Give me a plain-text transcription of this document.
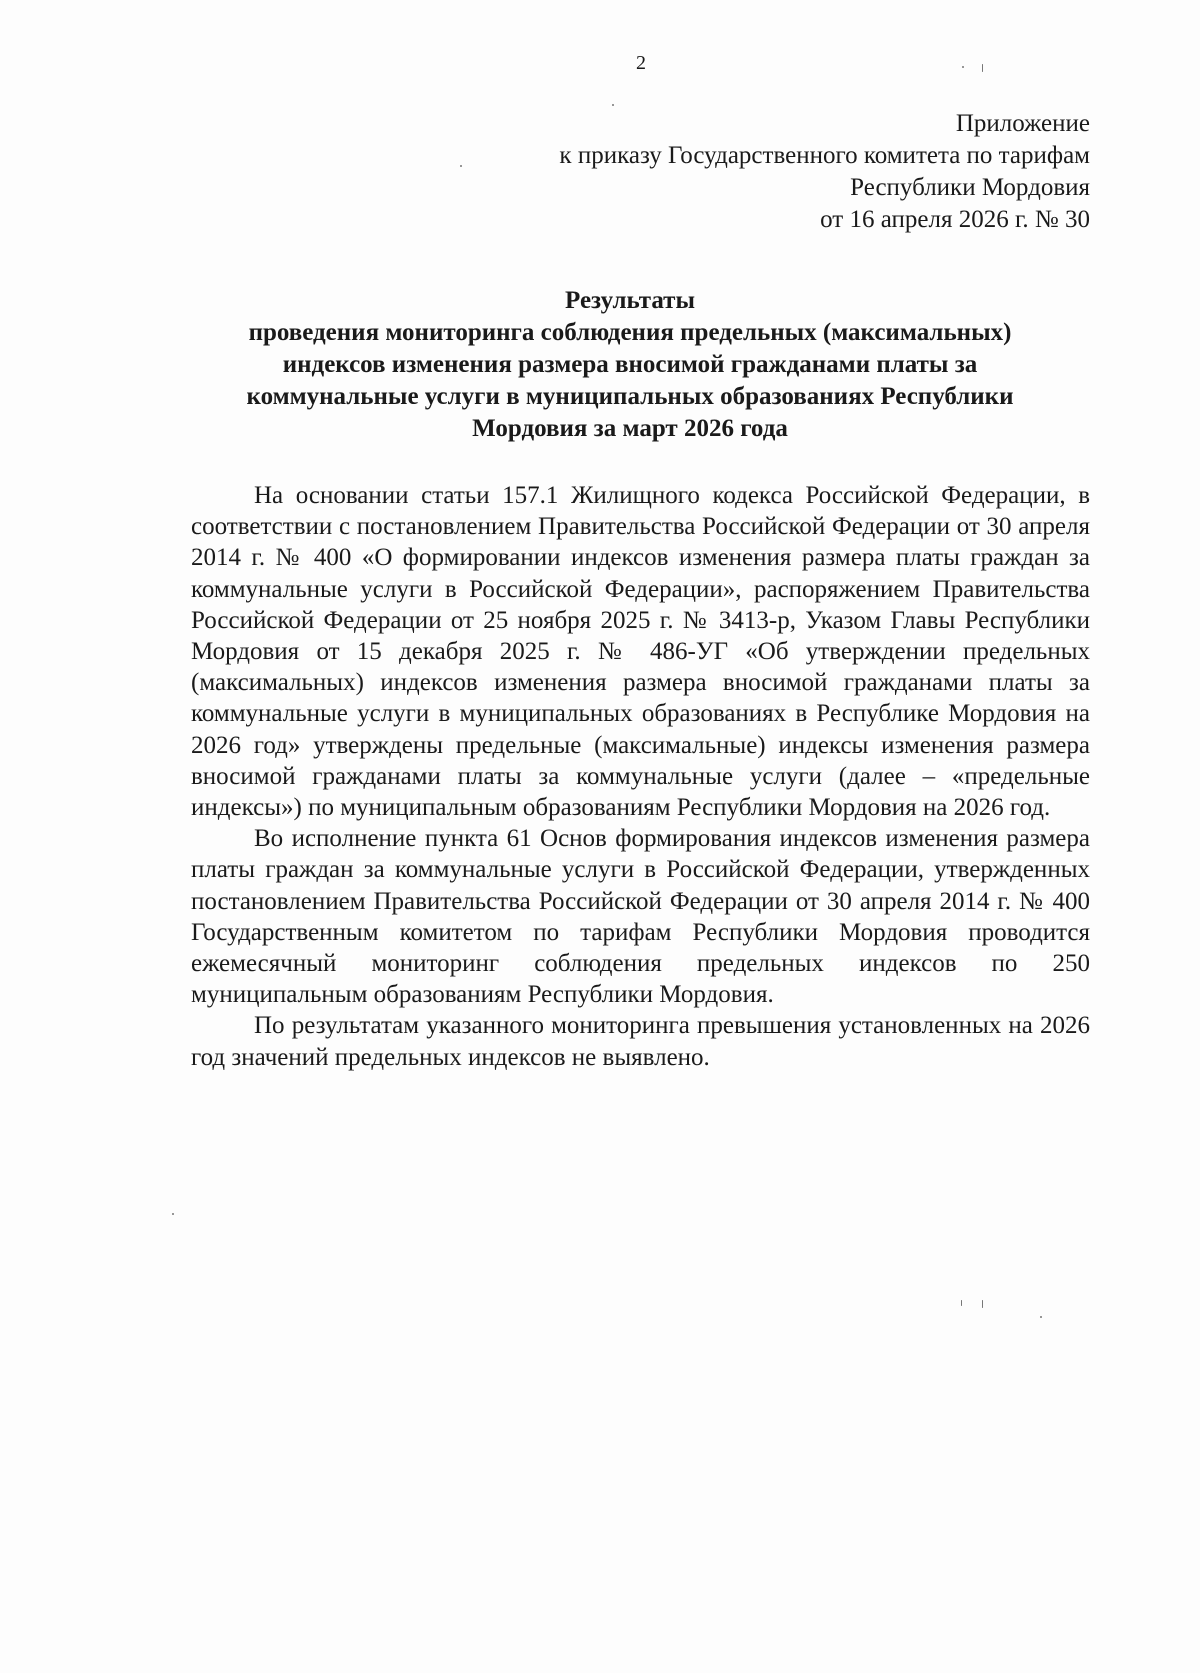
2
Приложение
к приказу Государственного комитета по тарифам
Республики Мордовия
от 16 апреля 2026 г. № 30
Результаты
проведения мониторинга соблюдения предельных (максимальных)
индексов изменения размера вносимой гражданами платы за
коммунальные услуги в муниципальных образованиях Республики
Мордовия за март 2026 года

На основании статьи 157.1 Жилищного кодекса Российской Федерации, в соответствии с постановлением Правительства Российской Федерации от 30 апреля 2014 г. № 400 «О формировании индексов изменения размера платы граждан за коммунальные услуги в Российской Федерации», распоряжением Правительства Российской Федерации от 25 ноября 2025 г. № 3413-р, Указом Главы Республики Мордовия от 15 декабря 2025 г. № 486-УГ «Об утверждении предельных (максимальных) индексов изменения размера вносимой гражданами платы за коммунальные услуги в муниципальных образованиях в Республике Мордовия на 2026 год» утверждены предельные (максимальные) индексы изменения размера вносимой гражданами платы за коммунальные услуги (далее – «предельные индексы») по муниципальным образованиям Республики Мордовия на 2026 год.

Во исполнение пункта 61 Основ формирования индексов изменения размера платы граждан за коммунальные услуги в Российской Федерации, утвержденных постановлением Правительства Российской Федерации от 30 апреля 2014 г. № 400 Государственным комитетом по тарифам Республики Мордовия проводится ежемесячный мониторинг соблюдения предельных индексов по 250 муниципальным образованиям Республики Мордовия.

По результатам указанного мониторинга превышения установленных на 2026 год значений предельных индексов не выявлено.
